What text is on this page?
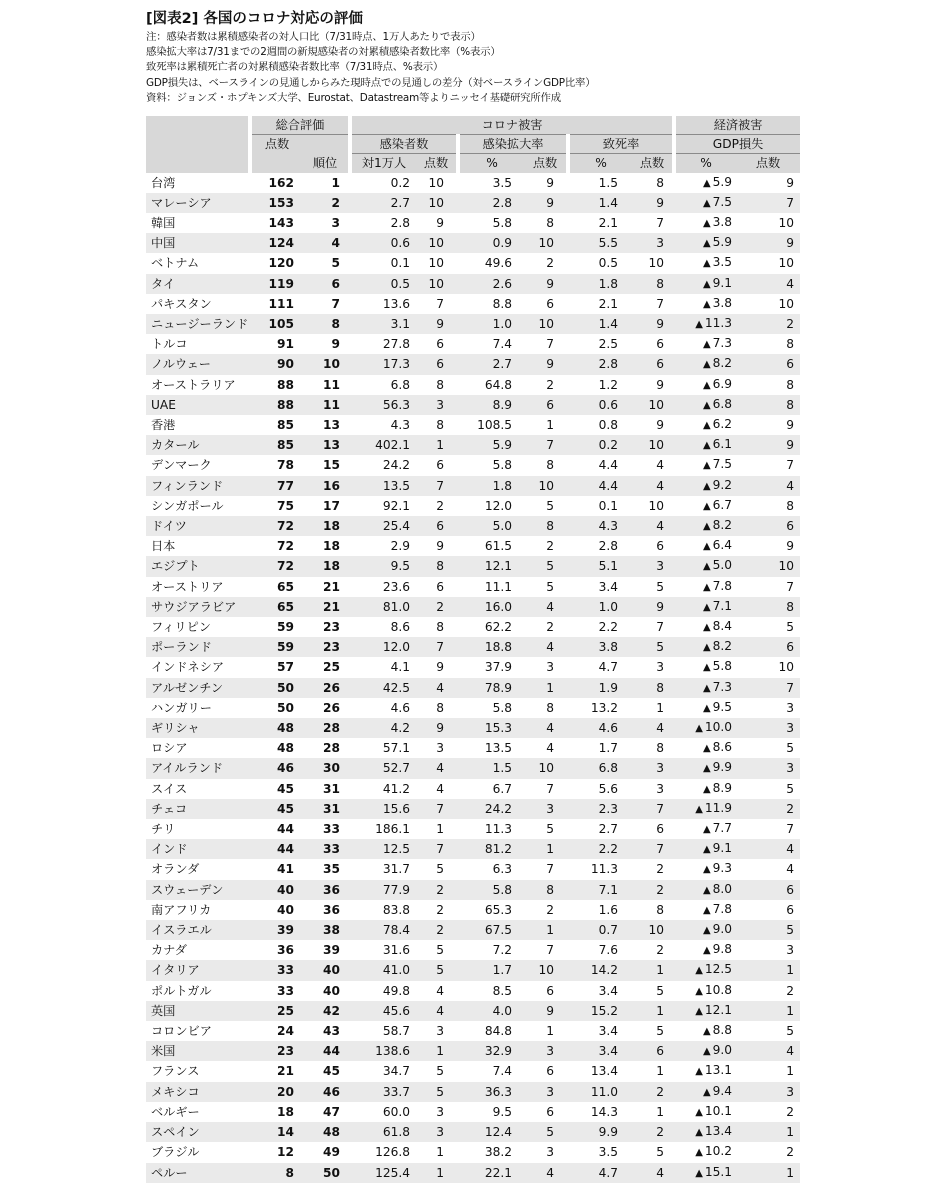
[図表2] 各国のコロナ対応の評価
注：感染者数は累積感染者の対人口比（7/31時点、1万人あたりで表示）
感染拡大率は7/31までの2週間の新規感染者の対累積感染者数比率（%表示）
致死率は累積死亡者の対累積感染者数比率（7/31時点、%表示）
GDP損失は、ベースラインの見通しからみた現時点での見通しの差分（対ベースラインGDP比率）
資料：ジョンズ・ホプキンズ大学、Eurostat、Datastream等よりニッセイ基礎研究所作成
	総合評価		コロナ被害						経済被害	
	点数		感染者数		感染拡大率		致死率		GDP損失	
		順位	対1万人	点数	%	点数	%	点数	%	点数
台湾	162	1	0.2	10	3.5	9	1.5	8	▲ 5.9	9
マレーシア	153	2	2.7	10	2.8	9	1.4	9	▲ 7.5	7
韓国	143	3	2.8	9	5.8	8	2.1	7	▲ 3.8	10
中国	124	4	0.6	10	0.9	10	5.5	3	▲ 5.9	9
ベトナム	120	5	0.1	10	49.6	2	0.5	10	▲ 3.5	10
タイ	119	6	0.5	10	2.6	9	1.8	8	▲ 9.1	4
パキスタン	111	7	13.6	7	8.8	6	2.1	7	▲ 3.8	10
ニュージーランド	105	8	3.1	9	1.0	10	1.4	9	▲ 11.3	2
トルコ	91	9	27.8	6	7.4	7	2.5	6	▲ 7.3	8
ノルウェー	90	10	17.3	6	2.7	9	2.8	6	▲ 8.2	6
オーストラリア	88	11	6.8	8	64.8	2	1.2	9	▲ 6.9	8
UAE	88	11	56.3	3	8.9	6	0.6	10	▲ 6.8	8
香港	85	13	4.3	8	108.5	1	0.8	9	▲ 6.2	9
カタール	85	13	402.1	1	5.9	7	0.2	10	▲ 6.1	9
デンマーク	78	15	24.2	6	5.8	8	4.4	4	▲ 7.5	7
フィンランド	77	16	13.5	7	1.8	10	4.4	4	▲ 9.2	4
シンガポール	75	17	92.1	2	12.0	5	0.1	10	▲ 6.7	8
ドイツ	72	18	25.4	6	5.0	8	4.3	4	▲ 8.2	6
日本	72	18	2.9	9	61.5	2	2.8	6	▲ 6.4	9
エジプト	72	18	9.5	8	12.1	5	5.1	3	▲ 5.0	10
オーストリア	65	21	23.6	6	11.1	5	3.4	5	▲ 7.8	7
サウジアラビア	65	21	81.0	2	16.0	4	1.0	9	▲ 7.1	8
フィリピン	59	23	8.6	8	62.2	2	2.2	7	▲ 8.4	5
ポーランド	59	23	12.0	7	18.8	4	3.8	5	▲ 8.2	6
インドネシア	57	25	4.1	9	37.9	3	4.7	3	▲ 5.8	10
アルゼンチン	50	26	42.5	4	78.9	1	1.9	8	▲ 7.3	7
ハンガリー	50	26	4.6	8	5.8	8	13.2	1	▲ 9.5	3
ギリシャ	48	28	4.2	9	15.3	4	4.6	4	▲ 10.0	3
ロシア	48	28	57.1	3	13.5	4	1.7	8	▲ 8.6	5
アイルランド	46	30	52.7	4	1.5	10	6.8	3	▲ 9.9	3
スイス	45	31	41.2	4	6.7	7	5.6	3	▲ 8.9	5
チェコ	45	31	15.6	7	24.2	3	2.3	7	▲ 11.9	2
チリ	44	33	186.1	1	11.3	5	2.7	6	▲ 7.7	7
インド	44	33	12.5	7	81.2	1	2.2	7	▲ 9.1	4
オランダ	41	35	31.7	5	6.3	7	11.3	2	▲ 9.3	4
スウェーデン	40	36	77.9	2	5.8	8	7.1	2	▲ 8.0	6
南アフリカ	40	36	83.8	2	65.3	2	1.6	8	▲ 7.8	6
イスラエル	39	38	78.4	2	67.5	1	0.7	10	▲ 9.0	5
カナダ	36	39	31.6	5	7.2	7	7.6	2	▲ 9.8	3
イタリア	33	40	41.0	5	1.7	10	14.2	1	▲ 12.5	1
ポルトガル	33	40	49.8	4	8.5	6	3.4	5	▲ 10.8	2
英国	25	42	45.6	4	4.0	9	15.2	1	▲ 12.1	1
コロンビア	24	43	58.7	3	84.8	1	3.4	5	▲ 8.8	5
米国	23	44	138.6	1	32.9	3	3.4	6	▲ 9.0	4
フランス	21	45	34.7	5	7.4	6	13.4	1	▲ 13.1	1
メキシコ	20	46	33.7	5	36.3	3	11.0	2	▲ 9.4	3
ベルギー	18	47	60.0	3	9.5	6	14.3	1	▲ 10.1	2
スペイン	14	48	61.8	3	12.4	5	9.9	2	▲ 13.4	1
ブラジル	12	49	126.8	1	38.2	3	3.5	5	▲ 10.2	2
ペルー	8	50	125.4	1	22.1	4	4.7	4	▲ 15.1	1
